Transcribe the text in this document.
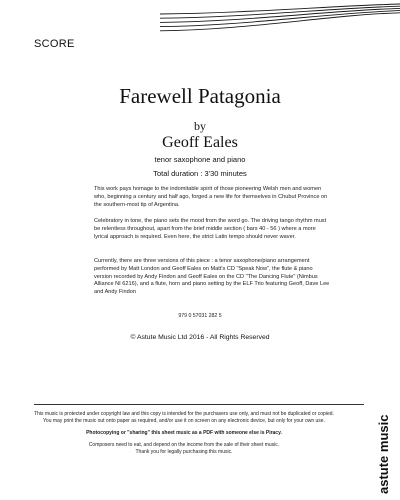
SCORE
Farewell Patagonia
by
Geoff Eales
tenor saxophone and piano
Total duration : 3'30 minutes

This work pays homage to the indomitable spirit of those pioneering Welsh men and women who, beginning a century and half ago, forged a new life for themselves in Chubut Province on the southern-most tip of Argentina.

Celebratory in tone, the piano sets the mood from the word go. The driving tango rhythm must be relentless throughout, apart from the brief middle section ( bars 40 - 56 ) where a more lyrical approach is required. Even here, the strict Latin tempo should never waver.

Currently, there are three versions of this piece : a tenor saxophone/piano arrangement performed by Matt London and Geoff Eales on Matt's CD "Speak Now", the flute & piano version recorded by Andy Findon and Geoff Eales on the CD "The Dancing Flute" (Nimbus Alliance NI 6216), and a flute, horn and piano setting by the ELF Trio featuring Geoff, Dave Lee and Andy Findon

979 0 57031 282 5
© Astute Music Ltd 2016 - All Rights Reserved

This music is protected under copyright law and this copy is intended for the purchasers use only, and must not be duplicated or copied. You may print the music out onto paper as required, and/or use it on screen on any electronic device, but only for your own use.

Photocopying or "sharing" this sheet music as a PDF with someone else is Piracy.

Composers need to eat, and depend on the income from the sale of their sheet music.

Thank you for legally purchasing this music.	astute music
